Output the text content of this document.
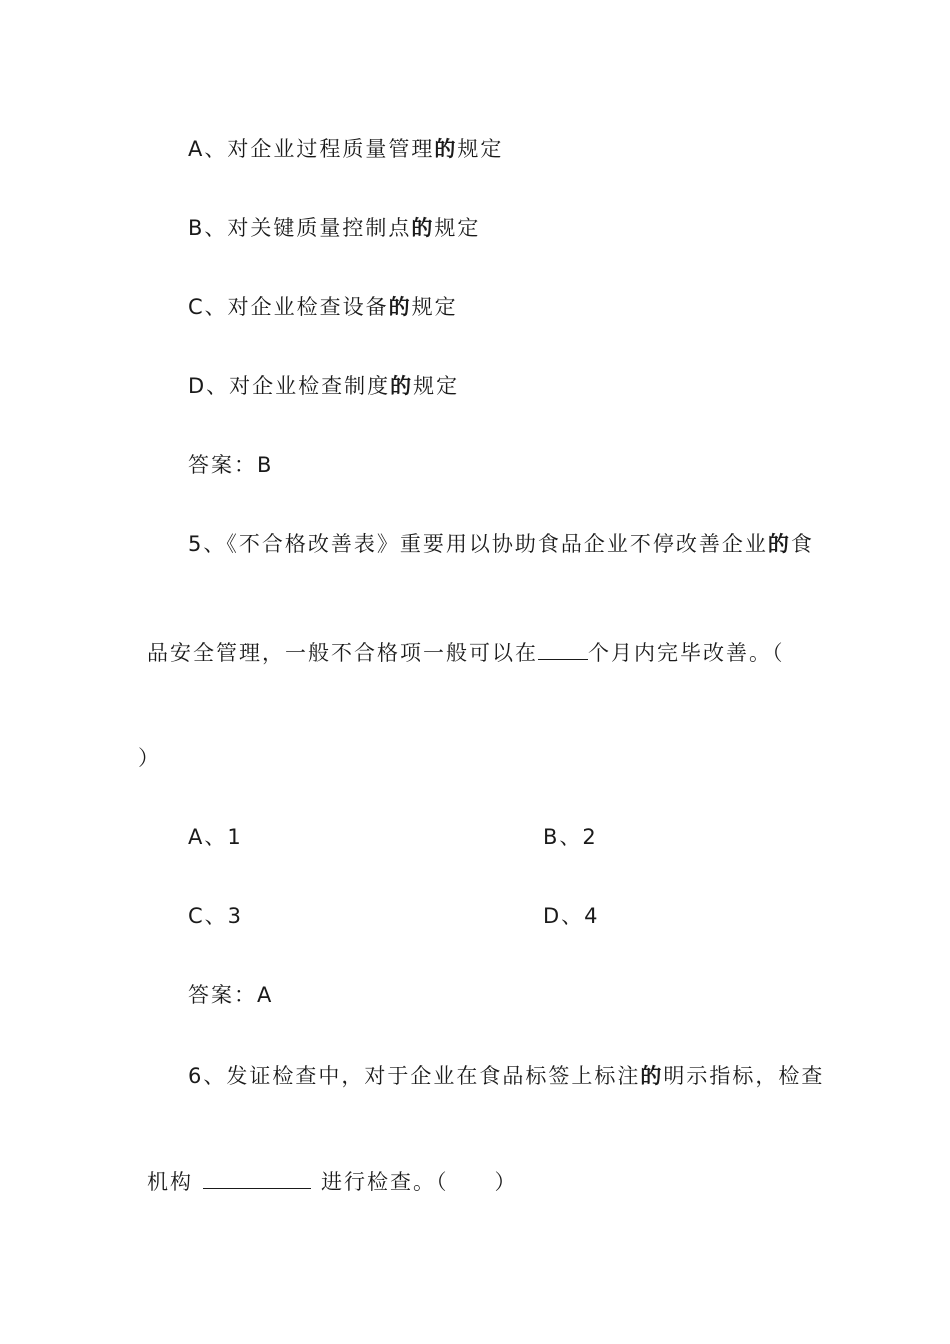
A、对企业过程质量管理的规定
B、对关键质量控制点的规定
C、对企业检查设备的规定
D、对企业检查制度的规定
答案：B
5、《不合格改善表》重要用以协助食品企业不停改善企业的食
品安全管理，一般不合格项一般可以在 个月内完毕改善。（
）
A、1	B、2
C、3	D、4
答案：A
6、发证检查中，对于企业在食品标签上标注的明示指标，检查
机构	进行检查。（　　）
